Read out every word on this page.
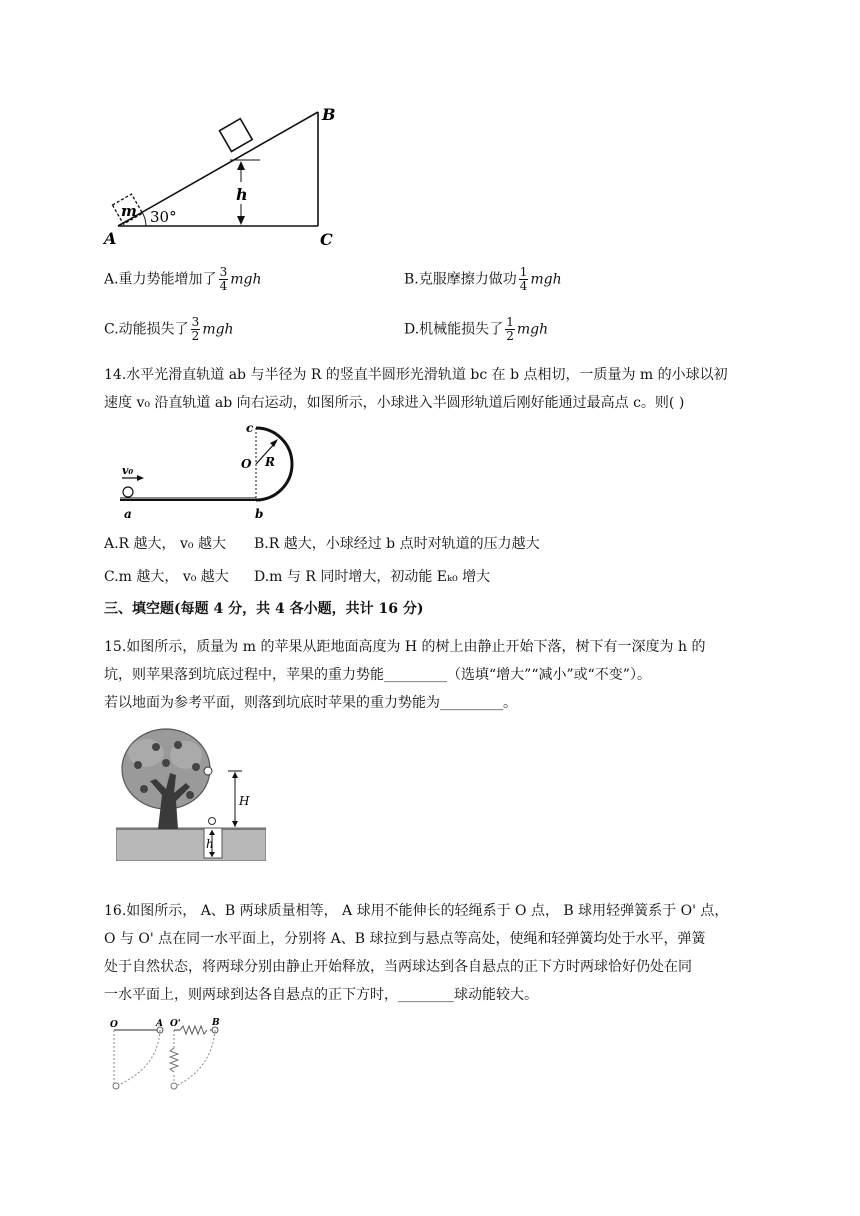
h
m 30°
A
B
C
A.重力势能增加了 $\frac{3}{4}$ mgh	B.克服摩擦力做功 $\frac{1}{4}$ mgh
C.动能损失了 $\frac{3}{2}$ mgh	D.机械能损失了 $\frac{1}{2}$ mgh
14.水平光滑直轨道 ab 与半径为 R 的竖直半圆形光滑轨道 bc 在 b 点相切，一质量为 m 的小球以初
速度 v₀ 沿直轨道 ab 向右运动，如图所示，小球进入半圆形轨道后刚好能通过最高点 c。则( )
v₀
a	b
c
O R
A.R 越大， v₀ 越大 B.R 越大，小球经过 b 点时对轨道的压力越大
C.m 越大， v₀ 越大 D.m 与 R 同时增大，初动能 Eₖ₀ 增大
三、填空题(每题 4 分，共 4 各小题，共计 16 分)
15.如图所示，质量为 m 的苹果从距地面高度为 H 的树上由静止开始下落，树下有一深度为 h 的
坑，则苹果落到坑底过程中，苹果的重力势能_________（选填“增大”“减小”或“不变”）。
若以地面为参考平面，则落到坑底时苹果的重力势能为_________。
H
h
16.如图所示， A、B 两球质量相等， A 球用不能伸长的轻绳系于 O 点， B 球用轻弹簧系于 O' 点，
O 与 O' 点在同一水平面上，分别将 A、B 球拉到与悬点等高处，使绳和轻弹簧均处于水平，弹簧
处于自然状态，将两球分别由静止开始释放，当两球达到各自悬点的正下方时两球恰好仍处在同
一水平面上，则两球到达各自悬点的正下方时，________球动能较大。
O	A O'	B
